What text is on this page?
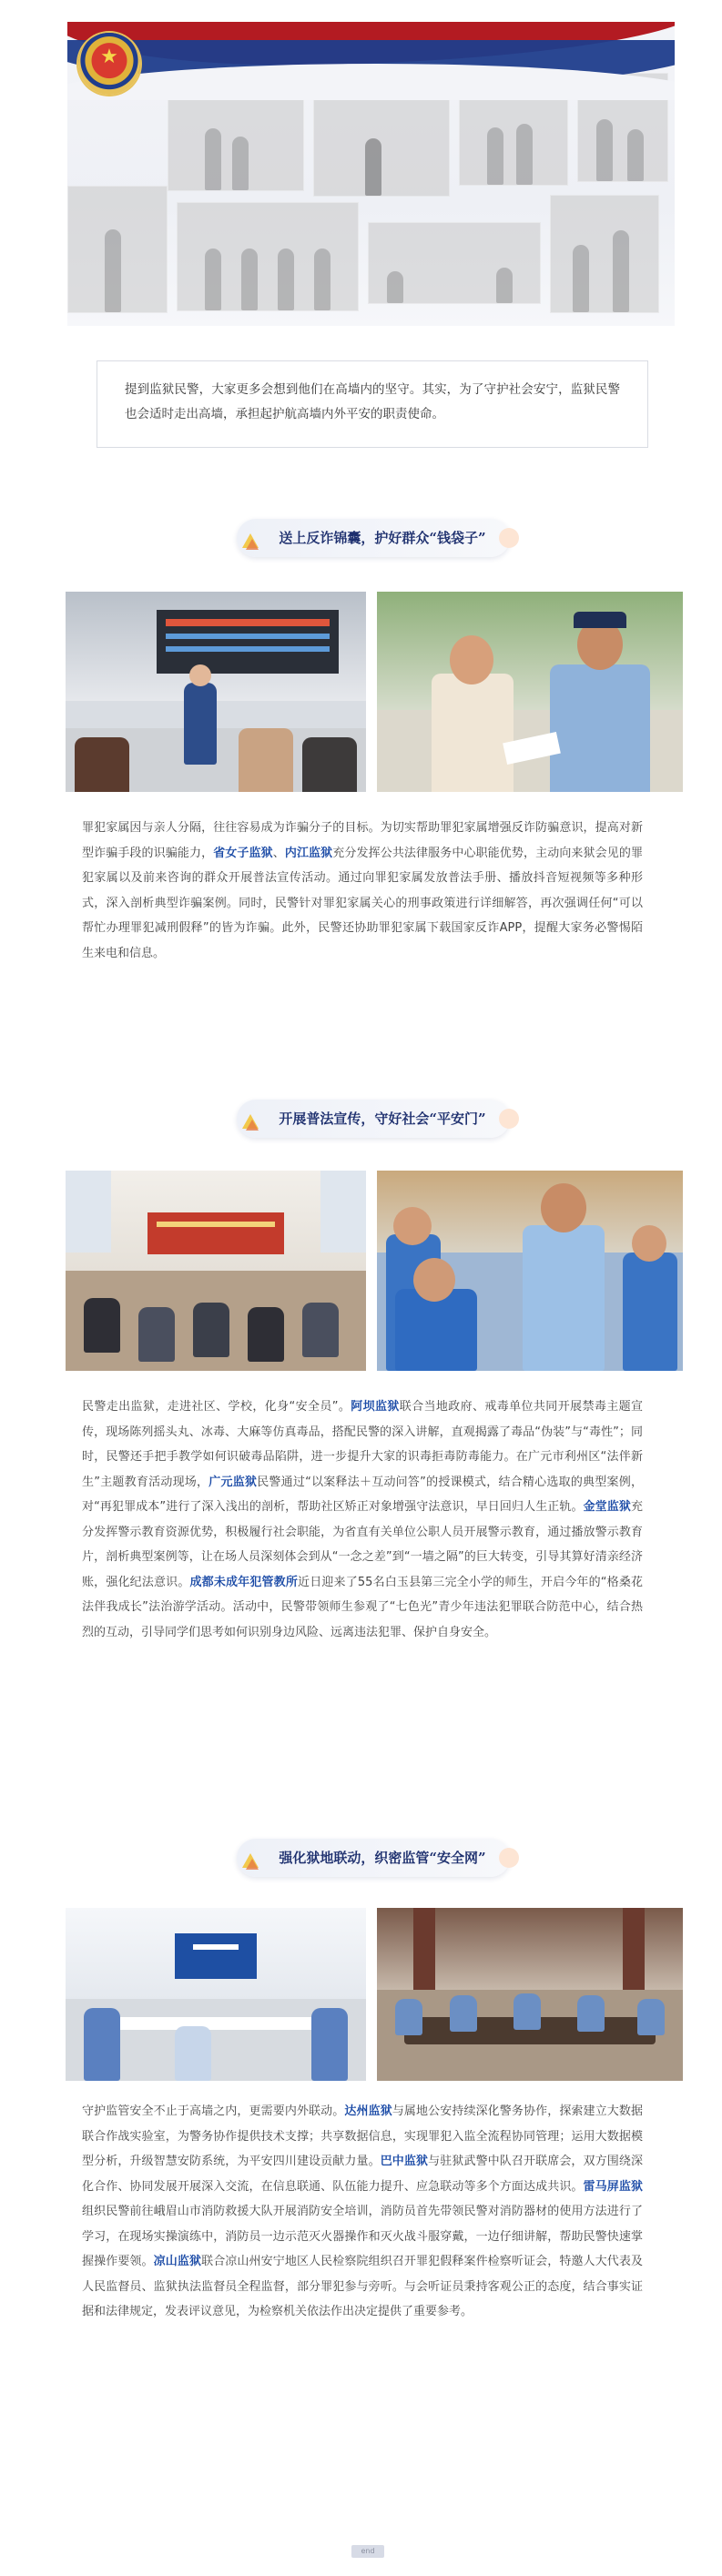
★
提到监狱民警，大家更多会想到他们在高墙内的坚守。其实，为了守护社会安宁，监狱民警也会适时走出高墙，承担起护航高墙内外平安的职责使命。
送上反诈锦囊，护好群众“钱袋子”
罪犯家属因与亲人分隔，往往容易成为诈骗分子的目标。为切实帮助罪犯家属增强反诈防骗意识，提高对新型诈骗手段的识骗能力，省女子监狱、内江监狱充分发挥公共法律服务中心职能优势，主动向来狱会见的罪犯家属以及前来咨询的群众开展普法宣传活动。通过向罪犯家属发放普法手册、播放抖音短视频等多种形式，深入剖析典型诈骗案例。同时，民警针对罪犯家属关心的刑事政策进行详细解答，再次强调任何“可以帮忙办理罪犯减刑假释”的皆为诈骗。此外，民警还协助罪犯家属下载国家反诈APP，提醒大家务必警惕陌生来电和信息。
开展普法宣传，守好社会“平安门”
民警走出监狱，走进社区、学校，化身“安全员”。阿坝监狱联合当地政府、戒毒单位共同开展禁毒主题宣传，现场陈列摇头丸、冰毒、大麻等仿真毒品，搭配民警的深入讲解，直观揭露了毒品“伪装”与“毒性”；同时，民警还手把手教学如何识破毒品陷阱，进一步提升大家的识毒拒毒防毒能力。在广元市利州区“法伴新生”主题教育活动现场，广元监狱民警通过“以案释法＋互动问答”的授课模式，结合精心选取的典型案例，对“再犯罪成本”进行了深入浅出的剖析，帮助社区矫正对象增强守法意识，早日回归人生正轨。金堂监狱充分发挥警示教育资源优势，积极履行社会职能，为省直有关单位公职人员开展警示教育，通过播放警示教育片，剖析典型案例等，让在场人员深刻体会到从“一念之差”到“一墙之隔”的巨大转变，引导其算好清亲经济账，强化纪法意识。成都未成年犯管教所近日迎来了55名白玉县第三完全小学的师生，开启今年的“格桑花 法伴我成长”法治游学活动。活动中，民警带领师生参观了“七色光”青少年违法犯罪联合防范中心，结合热烈的互动，引导同学们思考如何识别身边风险、远离违法犯罪、保护自身安全。
强化狱地联动，织密监管“安全网”
守护监管安全不止于高墙之内，更需要内外联动。达州监狱与属地公安持续深化警务协作，探索建立大数据联合作战实验室，为警务协作提供技术支撑；共享数据信息，实现罪犯入监全流程协同管理；运用大数据模型分析，升级智慧安防系统，为平安四川建设贡献力量。巴中监狱与驻狱武警中队召开联席会，双方围绕深化合作、协同发展开展深入交流，在信息联通、队伍能力提升、应急联动等多个方面达成共识。雷马屏监狱组织民警前往峨眉山市消防救援大队开展消防安全培训，消防员首先带领民警对消防器材的使用方法进行了学习，在现场实操演练中，消防员一边示范灭火器操作和灭火战斗服穿戴，一边仔细讲解，帮助民警快速掌握操作要领。凉山监狱联合凉山州安宁地区人民检察院组织召开罪犯假释案件检察听证会，特邀人大代表及人民监督员、监狱执法监督员全程监督，部分罪犯参与旁听。与会听证员秉持客观公正的态度，结合事实证据和法律规定，发表评议意见，为检察机关依法作出决定提供了重要参考。
end
